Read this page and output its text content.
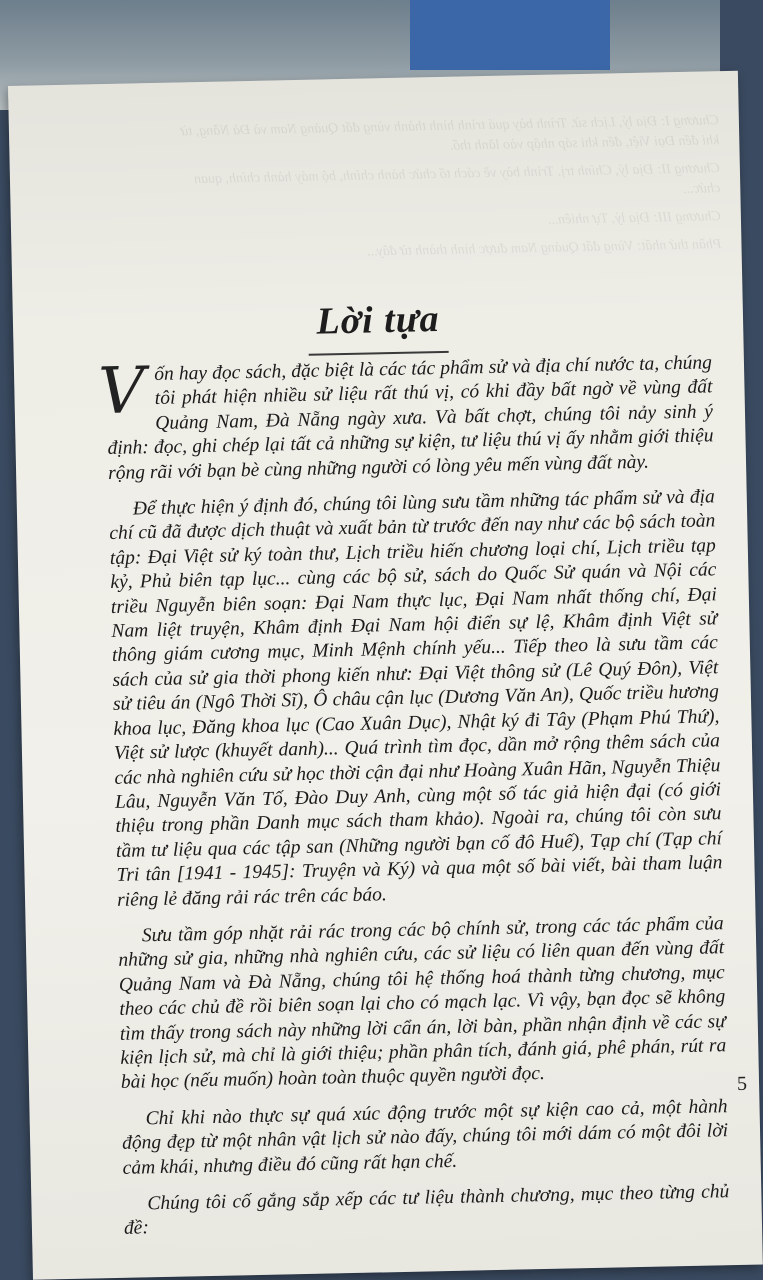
Chương I: Địa lý, Lịch sử. Trình bày quá trình hình thành vùng đất Quảng Nam và Đà Nẵng, từ khi đến Đại Việt, đến khi sáp nhập vào lãnh thổ.

Chương II: Địa lý, Chính trị. Trình bày về cách tổ chức hành chính, bộ máy hành chính, quan chức...

Chương III: Địa lý, Tự nhiên...

Phần thứ nhất: Vùng đất Quảng Nam được hình thành từ đây...

Lời tựa

Vốn hay đọc sách, đặc biệt là các tác phẩm sử và địa chí nước ta, chúng tôi phát hiện nhiều sử liệu rất thú vị, có khi đầy bất ngờ về vùng đất Quảng Nam, Đà Nẵng ngày xưa. Và bất chợt, chúng tôi nảy sinh ý định: đọc, ghi chép lại tất cả những sự kiện, tư liệu thú vị ấy nhằm giới thiệu rộng rãi với bạn bè cùng những người có lòng yêu mến vùng đất này.

Để thực hiện ý định đó, chúng tôi lùng sưu tầm những tác phẩm sử và địa chí cũ đã được dịch thuật và xuất bản từ trước đến nay như các bộ sách toàn tập: Đại Việt sử ký toàn thư, Lịch triều hiến chương loại chí, Lịch triều tạp kỷ, Phủ biên tạp lục... cùng các bộ sử, sách do Quốc Sử quán và Nội các triều Nguyễn biên soạn: Đại Nam thực lục, Đại Nam nhất thống chí, Đại Nam liệt truyện, Khâm định Đại Nam hội điển sự lệ, Khâm định Việt sử thông giám cương mục, Minh Mệnh chính yếu... Tiếp theo là sưu tầm các sách của sử gia thời phong kiến như: Đại Việt thông sử (Lê Quý Đôn), Việt sử tiêu án (Ngô Thời Sĩ), Ô châu cận lục (Dương Văn An), Quốc triều hương khoa lục, Đăng khoa lục (Cao Xuân Dục), Nhật ký đi Tây (Phạm Phú Thứ), Việt sử lược (khuyết danh)... Quá trình tìm đọc, dần mở rộng thêm sách của các nhà nghiên cứu sử học thời cận đại như Hoàng Xuân Hãn, Nguyễn Thiệu Lâu, Nguyễn Văn Tố, Đào Duy Anh, cùng một số tác giả hiện đại (có giới thiệu trong phần Danh mục sách tham khảo). Ngoài ra, chúng tôi còn sưu tầm tư liệu qua các tập san (Những người bạn cố đô Huế), Tạp chí (Tạp chí Tri tân [1941 - 1945]: Truyện và Ký) và qua một số bài viết, bài tham luận riêng lẻ đăng rải rác trên các báo.

Sưu tầm góp nhặt rải rác trong các bộ chính sử, trong các tác phẩm của những sử gia, những nhà nghiên cứu, các sử liệu có liên quan đến vùng đất Quảng Nam và Đà Nẵng, chúng tôi hệ thống hoá thành từng chương, mục theo các chủ đề rồi biên soạn lại cho có mạch lạc. Vì vậy, bạn đọc sẽ không tìm thấy trong sách này những lời cẩn án, lời bàn, phần nhận định về các sự kiện lịch sử, mà chỉ là giới thiệu; phần phân tích, đánh giá, phê phán, rút ra bài học (nếu muốn) hoàn toàn thuộc quyền người đọc.

Chỉ khi nào thực sự quá xúc động trước một sự kiện cao cả, một hành động đẹp từ một nhân vật lịch sử nào đấy, chúng tôi mới dám có một đôi lời cảm khái, nhưng điều đó cũng rất hạn chế.

Chúng tôi cố gắng sắp xếp các tư liệu thành chương, mục theo từng chủ đề:

5
